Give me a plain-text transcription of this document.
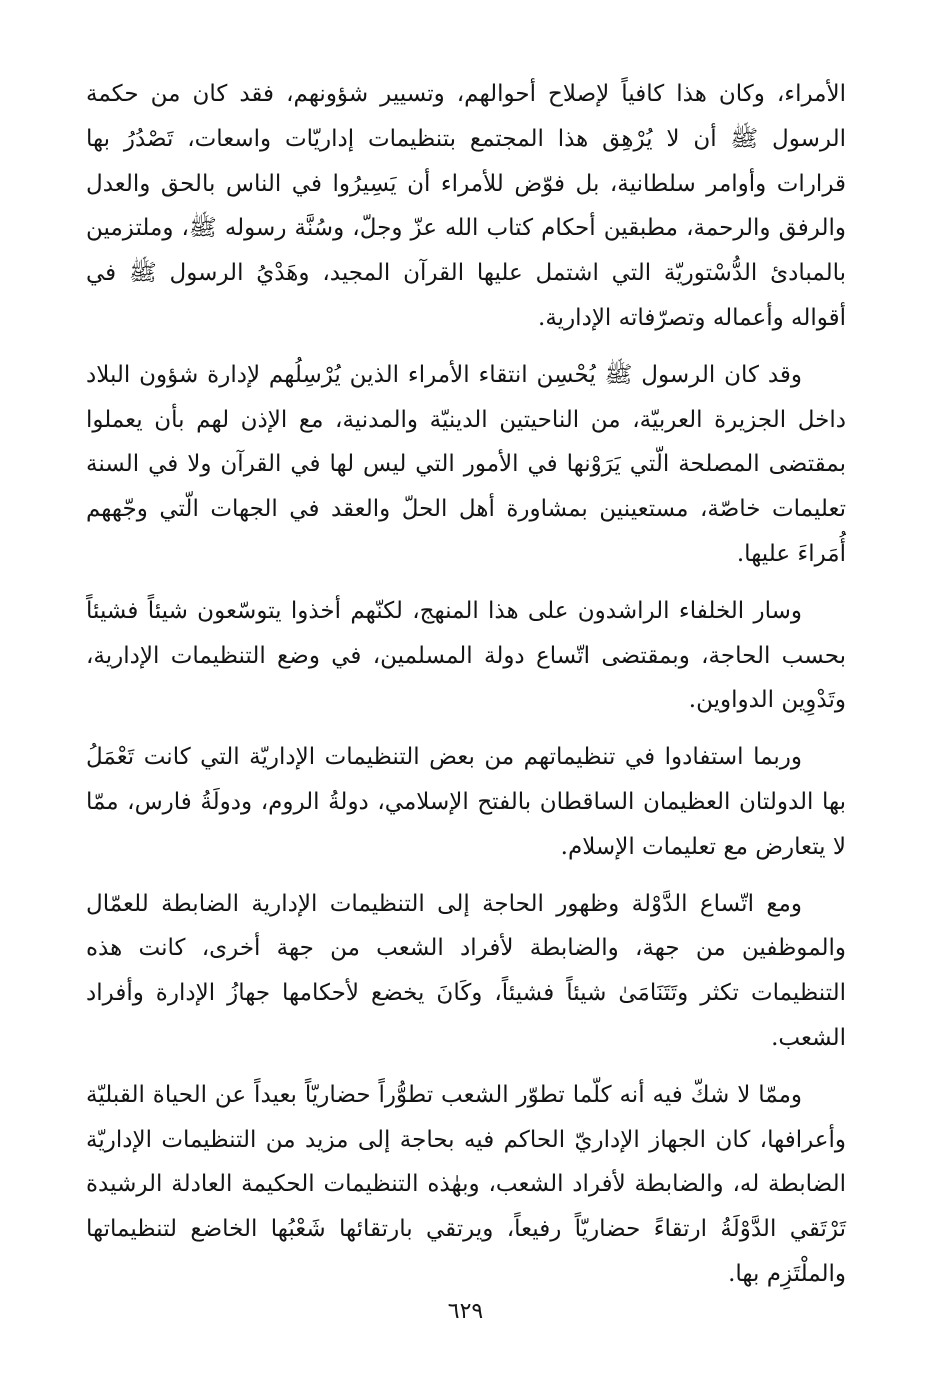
الأمراء، وكان هذا كافياً لإصلاح أحوالهم، وتسيير شؤونهم، فقد كان من حكمة الرسول ﷺ أن لا يُرْهِق هذا المجتمع بتنظيمات إداريّات واسعات، تَصْدُرُ بها قرارات وأوامر سلطانية، بل فوّض للأمراء أن يَسِيرُوا في الناس بالحق والعدل والرفق والرحمة، مطبقين أحكام كتاب الله عزّ وجلّ، وسُنَّة رسوله ﷺ، وملتزمين بالمبادئ الدُّسْتوريّة التي اشتمل عليها القرآن المجيد، وهَدْيُ الرسول ﷺ في أقواله وأعماله وتصرّفاته الإدارية.

وقد كان الرسول ﷺ يُحْسِن انتقاء الأمراء الذين يُرْسِلُهم لإدارة شؤون البلاد داخل الجزيرة العربيّة، من الناحيتين الدينيّة والمدنية، مع الإذن لهم بأن يعملوا بمقتضى المصلحة الّتي يَرَوْنها في الأمور التي ليس لها في القرآن ولا في السنة تعليمات خاصّة، مستعينين بمشاورة أهل الحلّ والعقد في الجهات الّتي وجّههم أُمَراءَ عليها.

وسار الخلفاء الراشدون على هذا المنهج، لكنّهم أخذوا يتوسّعون شيئاً فشيئاً بحسب الحاجة، وبمقتضى اتّساع دولة المسلمين، في وضع التنظيمات الإدارية، وتَدْوِين الدواوين.

وربما استفادوا في تنظيماتهم من بعض التنظيمات الإداريّة التي كانت تَعْمَلُ بها الدولتان العظيمان الساقطان بالفتح الإسلامي، دولةُ الروم، ودولَةُ فارس، ممّا لا يتعارض مع تعليمات الإسلام.

ومع اتّساع الدَّوْلة وظهور الحاجة إلى التنظيمات الإدارية الضابطة للعمّال والموظفين من جهة، والضابطة لأفراد الشعب من جهة أخرى، كانت هذه التنظيمات تكثر وتَتَنَامَىٰ شيئاً فشيئاً، وكَانَ يخضع لأحكامها جهازُ الإدارة وأفراد الشعب.

وممّا لا شكّ فيه أنه كلّما تطوّر الشعب تطوُّراً حضاريّاً بعيداً عن الحياة القبليّة وأعرافها، كان الجهاز الإداريّ الحاكم فيه بحاجة إلى مزيد من التنظيمات الإداريّة الضابطة له، والضابطة لأفراد الشعب، وبهٰذه التنظيمات الحكيمة العادلة الرشيدة تَرْتَقي الدَّوْلَةُ ارتقاءً حضاريّاً رفيعاً، ويرتقي بارتقائها شَعْبُها الخاضع لتنظيماتها والملْتَزِم بها.

٦٢٩
